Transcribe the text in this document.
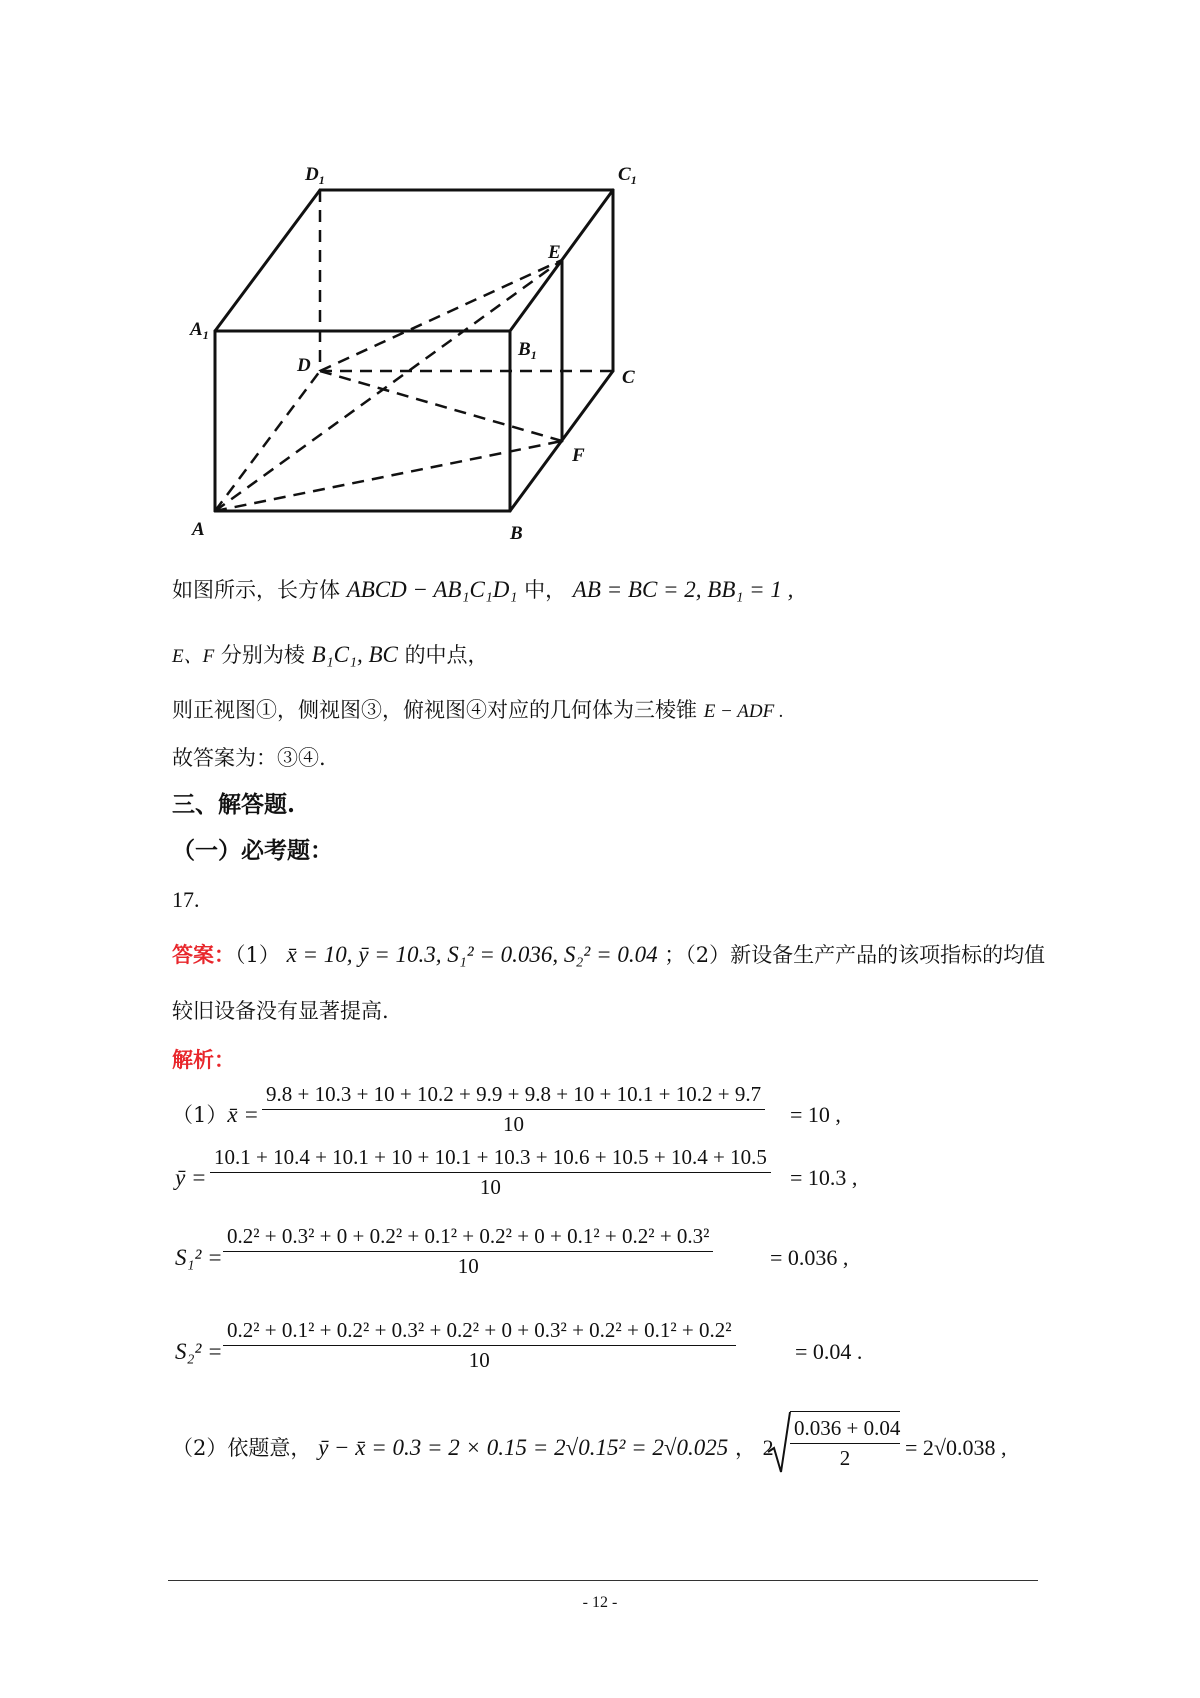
$D_1$	$C_1$
$A_1$
$B_1$
D
C
A	B
E
F
如图所示，长方体 ABCD − AB₁C₁D₁ 中， AB = BC = 2, BB₁ = 1 ,
E、F 分别为棱 B₁C₁, BC 的中点，
则正视图①，侧视图③，俯视图④对应的几何体为三棱锥 E − ADF .
故答案为：③④.
三、解答题.
（一）必考题：
17.
答案：（1） x̄ = 10, ȳ = 10.3, S₁² = 0.036, S₂² = 0.04 ；（2）新设备生产产品的该项指标的均值
较旧设备没有显著提高.
解析：
（1）x̄ =
9.8 + 10.3 + 10 + 10.2 + 9.9 + 9.8 + 10 + 10.1 + 10.2 + 9.7
10	= 10 ,
ȳ =
10.1 + 10.4 + 10.1 + 10 + 10.1 + 10.3 + 10.6 + 10.5 + 10.4 + 10.5
10	= 10.3 ,
S₁² =
0.2² + 0.3² + 0 + 0.2² + 0.1² + 0.2² + 0 + 0.1² + 0.2² + 0.3²
10	= 0.036 ,
S₂² =
0.2² + 0.1² + 0.2² + 0.3² + 0.2² + 0 + 0.3² + 0.2² + 0.1² + 0.2²
10	= 0.04 .
（2）依题意， ȳ − x̄ = 0.3 = 2 × 0.15 = 2√0.15² = 2√0.025 ， 2
0.036 + 0.04
2	= 2√0.038 ,
- 12 -
